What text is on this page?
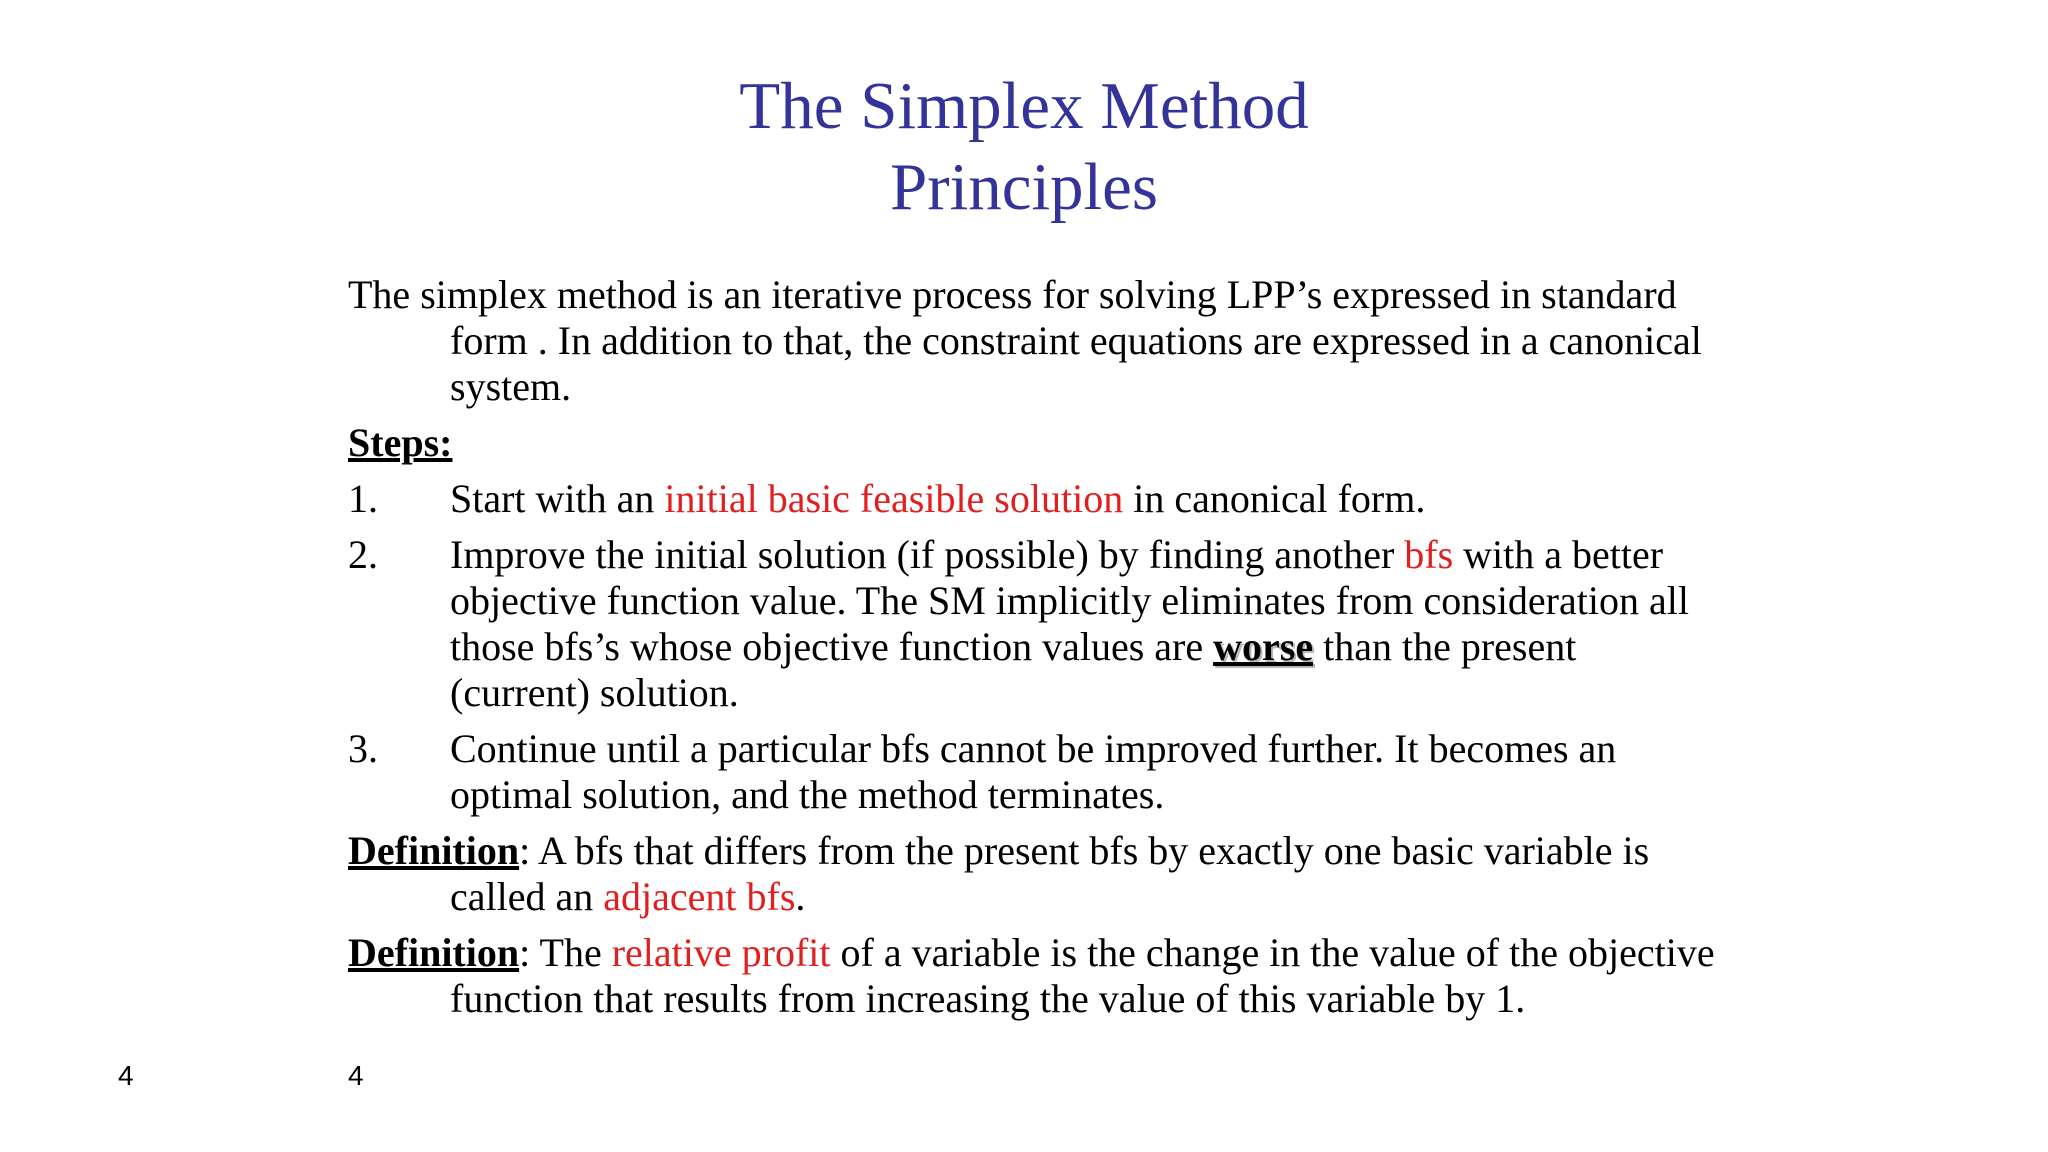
The Simplex Method
Principles

The simplex method is an iterative process for solving LPP’s expressed in standard form . In addition to that, the constraint equations are expressed in a canonical system.

Steps:
1. Start with an initial basic feasible solution in canonical form.
2. Improve the initial solution (if possible) by finding another bfs with a better objective function value. The SM implicitly eliminates from consideration all those bfs’s whose objective function values are worse than the present (current) solution.
3. Continue until a particular bfs cannot be improved further. It becomes an optimal solution, and the method terminates.

Definition: A bfs that differs from the present bfs by exactly one basic variable is called an adjacent bfs.

Definition: The relative profit of a variable is the change in the value of the objective function that results from increasing the value of this variable by 1.

4	4
